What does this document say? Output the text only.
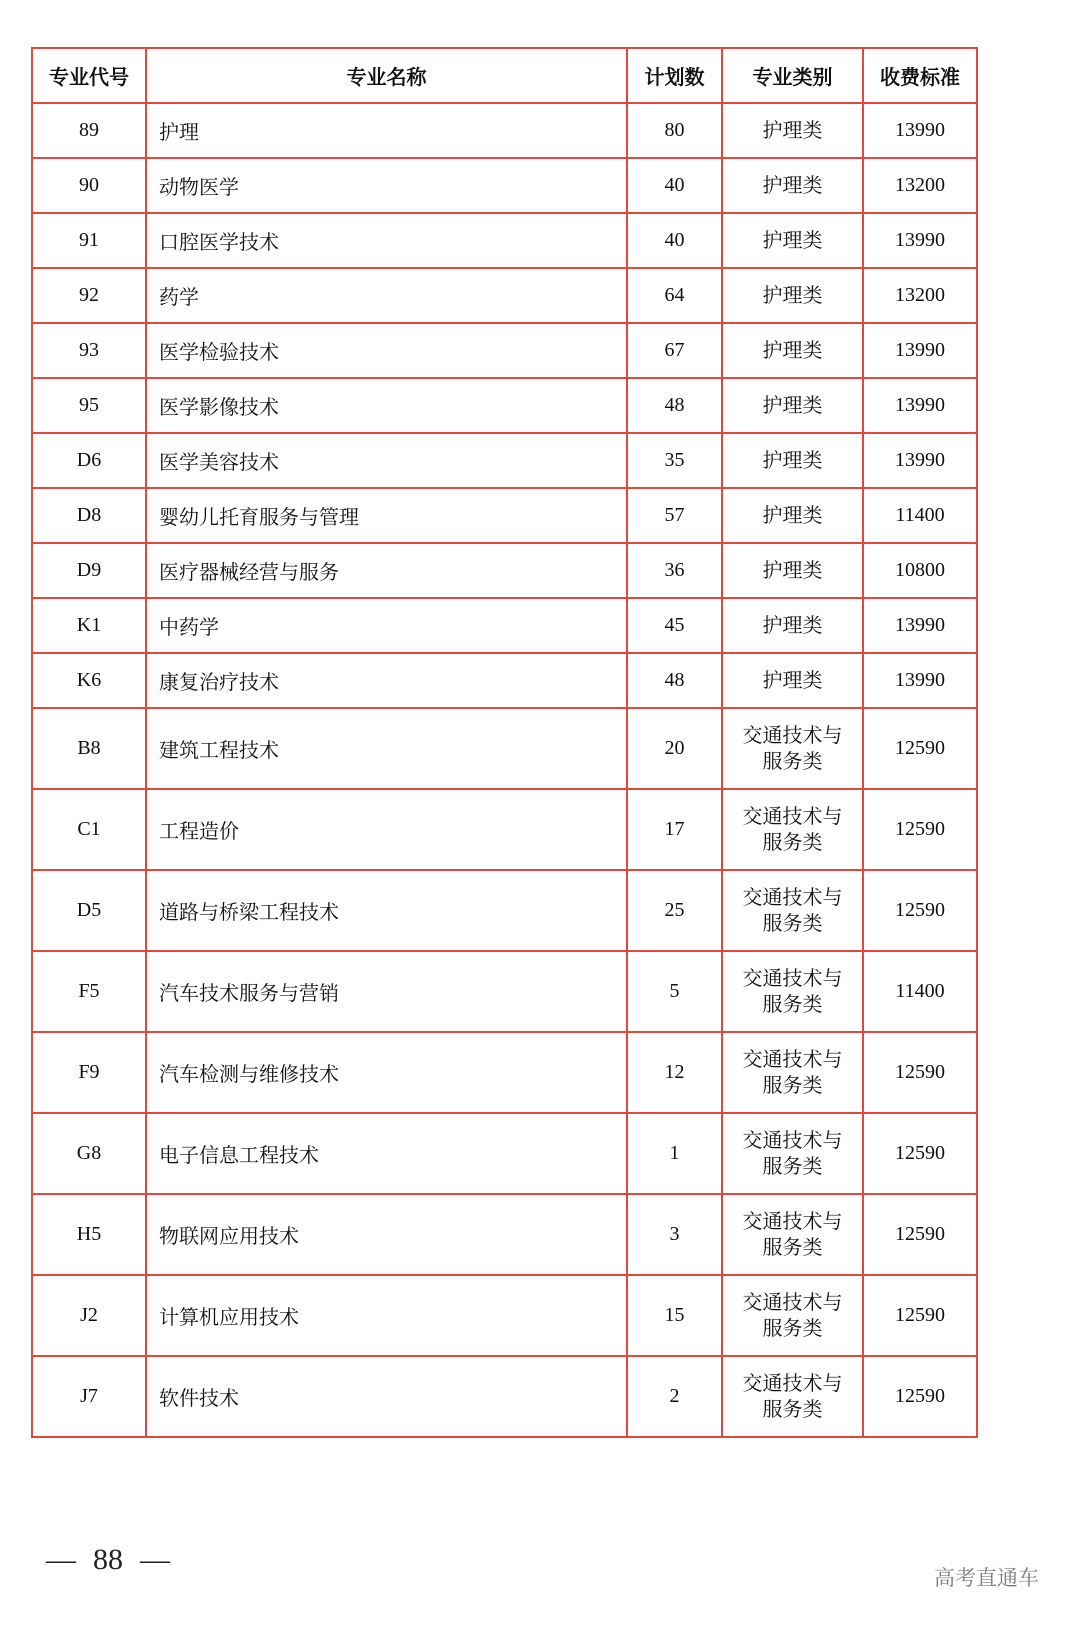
专业代号	专业名称	计划数	专业类别	收费标准
89	护理	80	护理类	13990
90	动物医学	40	护理类	13200
91	口腔医学技术	40	护理类	13990
92	药学	64	护理类	13200
93	医学检验技术	67	护理类	13990
95	医学影像技术	48	护理类	13990
D6	医学美容技术	35	护理类	13990
D8	婴幼儿托育服务与管理	57	护理类	11400
D9	医疗器械经营与服务	36	护理类	10800
K1	中药学	45	护理类	13990
K6	康复治疗技术	48	护理类	13990
B8	建筑工程技术	20	交通技术与服务类	12590
C1	工程造价	17	交通技术与服务类	12590
D5	道路与桥梁工程技术	25	交通技术与服务类	12590
F5	汽车技术服务与营销	5	交通技术与服务类	11400
F9	汽车检测与维修技术	12	交通技术与服务类	12590
G8	电子信息工程技术	1	交通技术与服务类	12590
H5	物联网应用技术	3	交通技术与服务类	12590
J2	计算机应用技术	15	交通技术与服务类	12590
J7	软件技术	2	交通技术与服务类	12590
— 88 —
高考直通车
